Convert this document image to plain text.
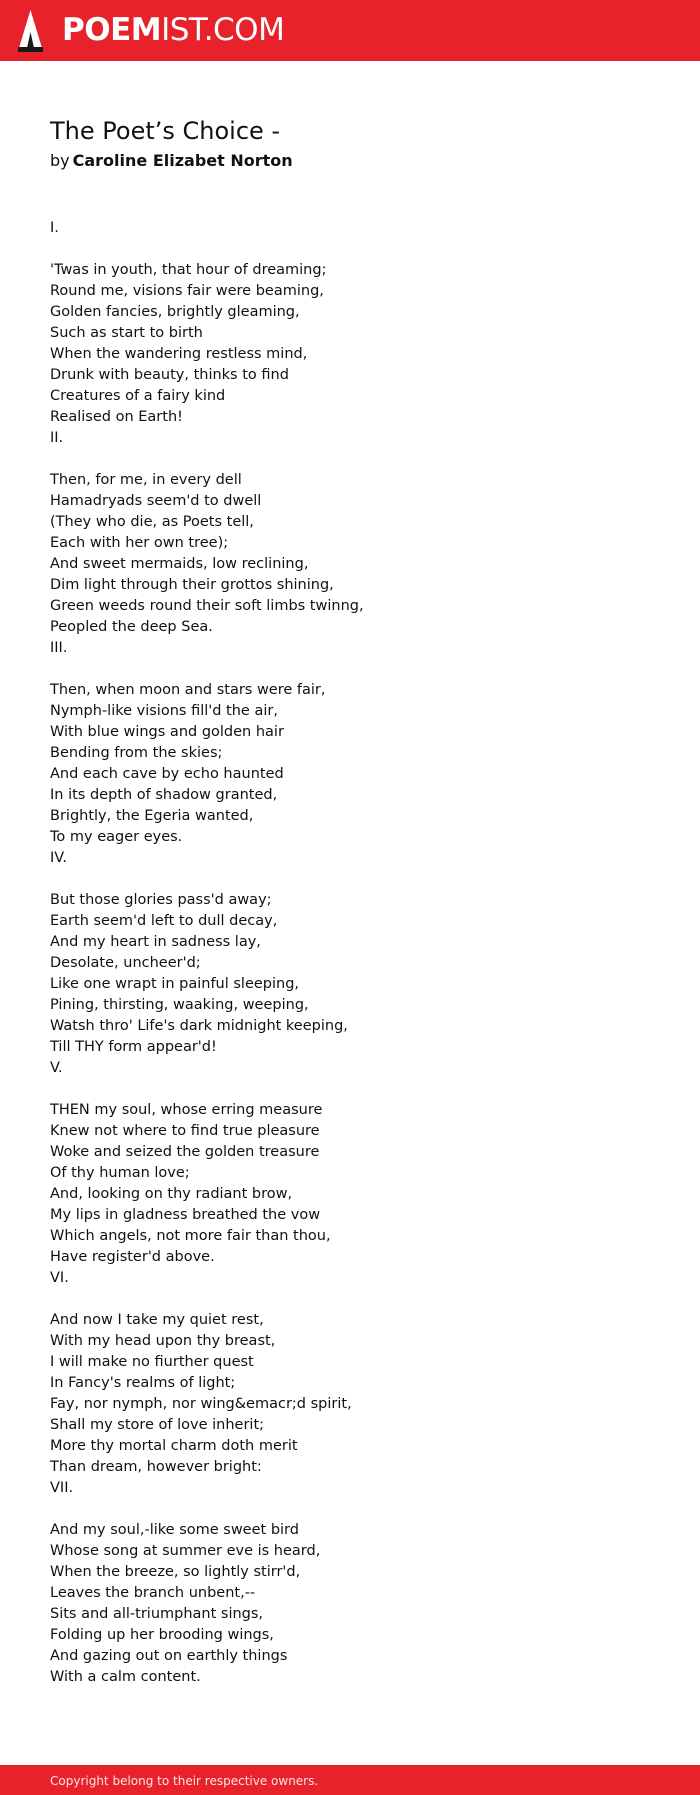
POEMIST.COM
The Poet’s Choice -

by Caroline Elizabet Norton

I.
'Twas in youth, that hour of dreaming;
Round me, visions fair were beaming,
Golden fancies, brightly gleaming,
Such as start to birth
When the wandering restless mind,
Drunk with beauty, thinks to find
Creatures of a fairy kind
Realised on Earth!
II.
Then, for me, in every dell
Hamadryads seem'd to dwell
(They who die, as Poets tell,
Each with her own tree);
And sweet mermaids, low reclining,
Dim light through their grottos shining,
Green weeds round their soft limbs twinng,
Peopled the deep Sea.
III.
Then, when moon and stars were fair,
Nymph-like visions fill'd the air,
With blue wings and golden hair
Bending from the skies;
And each cave by echo haunted
In its depth of shadow granted,
Brightly, the Egeria wanted,
To my eager eyes.
IV.
But those glories pass'd away;
Earth seem'd left to dull decay,
And my heart in sadness lay,
Desolate, uncheer'd;
Like one wrapt in painful sleeping,
Pining, thirsting, waaking, weeping,
Watsh thro' Life's dark midnight keeping,
Till THY form appear'd!
V.
THEN my soul, whose erring measure
Knew not where to find true pleasure
Woke and seized the golden treasure
Of thy human love;
And, looking on thy radiant brow,
My lips in gladness breathed the vow
Which angels, not more fair than thou,
Have register'd above.
VI.
And now I take my quiet rest,
With my head upon thy breast,
I will make no fiurther quest
In Fancy's realms of light;
Fay, nor nymph, nor wing&emacr;d spirit,
Shall my store of love inherit;
More thy mortal charm doth merit
Than dream, however bright:
VII.
And my soul,-like some sweet bird
Whose song at summer eve is heard,
When the breeze, so lightly stirr'd,
Leaves the branch unbent,--
Sits and all-triumphant sings,
Folding up her brooding wings,
And gazing out on earthly things
With a calm content.
Copyright belong to their respective owners.
